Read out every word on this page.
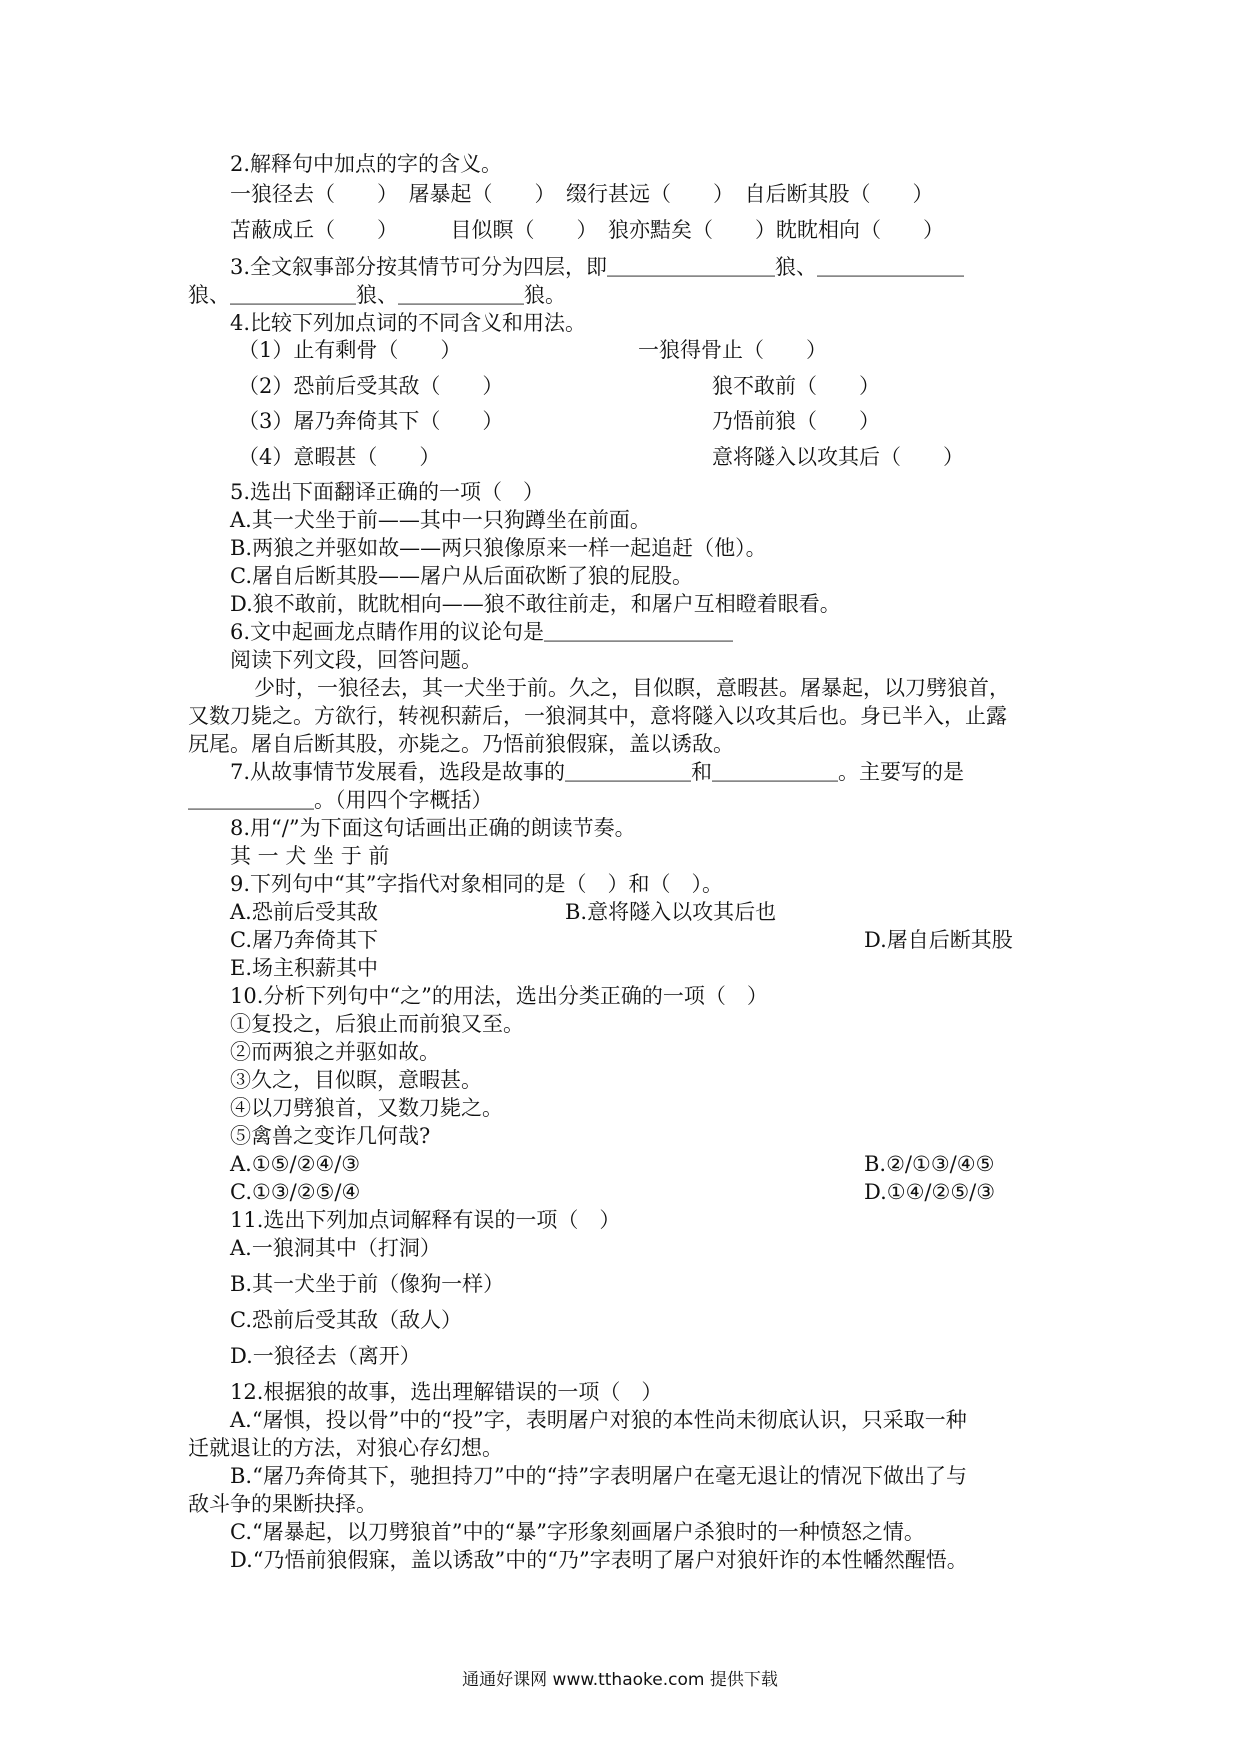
2.解释句中加点的字的含义。
一狼径去（　　）　屠暴起（　　）　缀行甚远（　　）　自后断其股（　　）
苫蔽成丘（　　）　　　目似瞑（　　）　狼亦黠矣（　　）眈眈相向（　　）
3.全文叙事部分按其情节可分为四层，即＿＿＿＿＿＿＿＿狼、＿＿＿＿＿＿＿
狼、＿＿＿＿＿＿狼、＿＿＿＿＿＿狼。
4.比较下列加点词的不同含义和用法。
（1）止有剩骨（　　）	一狼得骨止（　　）
（2）恐前后受其敌（　　）	狼不敢前（　　）
（3）屠乃奔倚其下（　　）	乃悟前狼（　　）
（4）意暇甚（　　）	意将隧入以攻其后（　　）
5.选出下面翻译正确的一项（　）
A.其一犬坐于前——其中一只狗蹲坐在前面。
B.两狼之并驱如故——两只狼像原来一样一起追赶（他）。
C.屠自后断其股——屠户从后面砍断了狼的屁股。
D.狼不敢前，眈眈相向——狼不敢往前走，和屠户互相瞪着眼看。
6.文中起画龙点睛作用的议论句是＿＿＿＿＿＿＿＿＿
阅读下列文段，回答问题。
少时，一狼径去，其一犬坐于前。久之，目似瞑，意暇甚。屠暴起，以刀劈狼首，
又数刀毙之。方欲行，转视积薪后，一狼洞其中，意将隧入以攻其后也。身已半入，止露
尻尾。屠自后断其股，亦毙之。乃悟前狼假寐，盖以诱敌。
7.从故事情节发展看，选段是故事的＿＿＿＿＿＿和＿＿＿＿＿＿。主要写的是
＿＿＿＿＿＿。（用四个字概括）
8.用“/”为下面这句话画出正确的朗读节奏。
其 一 犬 坐 于 前
9.下列句中“其”字指代对象相同的是（　）和（　）。
A.恐前后受其敌	B.意将隧入以攻其后也
C.屠乃奔倚其下	D.屠自后断其股
E.场主积薪其中
10.分析下列句中“之”的用法，选出分类正确的一项（　）
①复投之，后狼止而前狼又至。
②而两狼之并驱如故。
③久之，目似瞑，意暇甚。
④以刀劈狼首，又数刀毙之。
⑤禽兽之变诈几何哉?
A.①⑤/②④/③	B.②/①③/④⑤
C.①③/②⑤/④	D.①④/②⑤/③
11.选出下列加点词解释有误的一项（　）
A.一狼洞其中（打洞）
B.其一犬坐于前（像狗一样）
C.恐前后受其敌（敌人）
D.一狼径去（离开）
12.根据狼的故事，选出理解错误的一项（　）
A.“屠惧，投以骨”中的“投”字，表明屠户对狼的本性尚未彻底认识，只采取一种
迁就退让的方法，对狼心存幻想。
B.“屠乃奔倚其下，驰担持刀”中的“持”字表明屠户在毫无退让的情况下做出了与
敌斗争的果断抉择。
C.“屠暴起，以刀劈狼首”中的“暴”字形象刻画屠户杀狼时的一种愤怒之情。
D.“乃悟前狼假寐，盖以诱敌”中的“乃”字表明了屠户对狼奸诈的本性幡然醒悟。
通通好课网 www.tthaoke.com 提供下载
